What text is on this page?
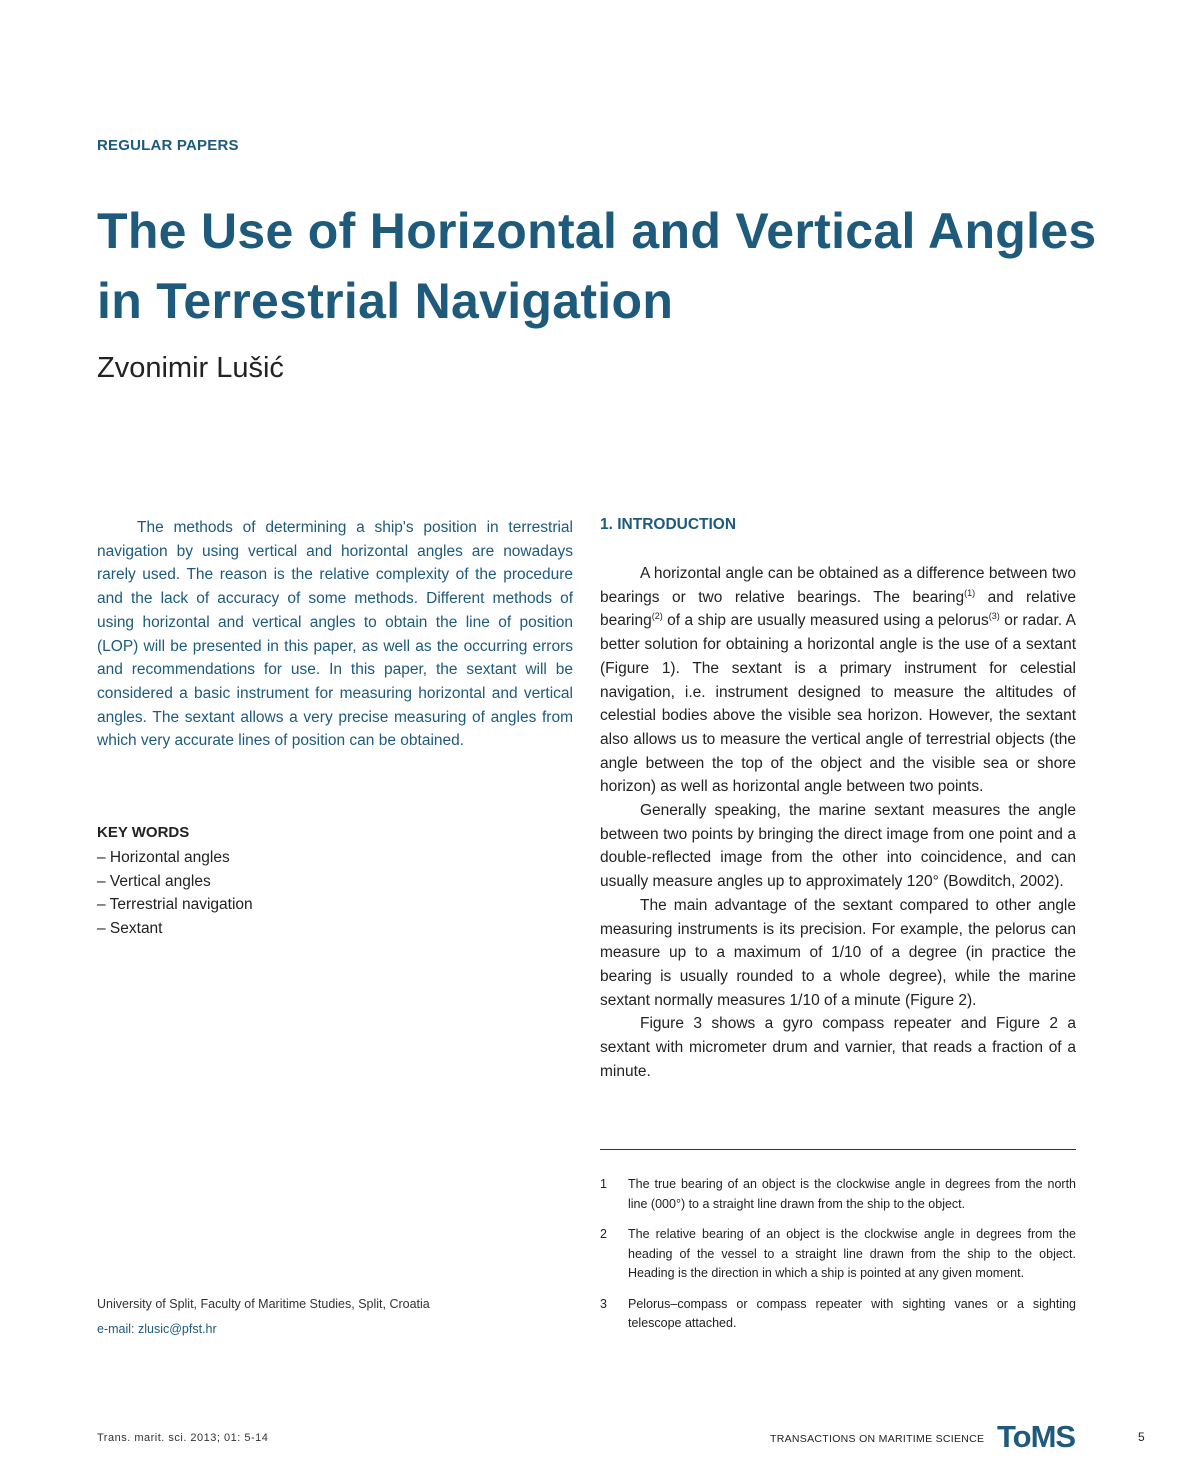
REGULAR PAPERS
The Use of Horizontal and Vertical Angles in Terrestrial Navigation
Zvonimir Lušić

The methods of determining a ship's position in terrestrial navigation by using vertical and horizontal angles are nowadays rarely used. The reason is the relative complexity of the procedure and the lack of accuracy of some methods. Different methods of using horizontal and vertical angles to obtain the line of position (LOP) will be presented in this paper, as well as the occurring errors and recommendations for use. In this paper, the sextant will be considered a basic instrument for measuring horizontal and vertical angles. The sextant allows a very precise measuring of angles from which very accurate lines of position can be obtained.

KEY WORDS
– Horizontal angles
– Vertical angles
– Terrestrial navigation
– Sextant
University of Split, Faculty of Maritime Studies, Split, Croatia
e-mail: zlusic@pfst.hr
1. INTRODUCTION

A horizontal angle can be obtained as a difference between two bearings or two relative bearings. The bearing$^{(1)}$ and relative bearing$^{(2)}$ of a ship are usually measured using a pelorus$^{(3)}$ or radar. A better solution for obtaining a horizontal angle is the use of a sextant (Figure 1). The sextant is a primary instrument for celestial navigation, i.e. instrument designed to measure the altitudes of celestial bodies above the visible sea horizon. However, the sextant also allows us to measure the vertical angle of terrestrial objects (the angle between the top of the object and the visible sea or shore horizon) as well as horizontal angle between two points.

Generally speaking, the marine sextant measures the angle between two points by bringing the direct image from one point and a double-reflected image from the other into coincidence, and can usually measure angles up to approximately 120° (Bowditch, 2002).

The main advantage of the sextant compared to other angle measuring instruments is its precision. For example, the pelorus can measure up to a maximum of 1/10 of a degree (in practice the bearing is usually rounded to a whole degree), while the marine sextant normally measures 1/10 of a minute (Figure 2).

Figure 3 shows a gyro compass repeater and Figure 2 a sextant with micrometer drum and varnier, that reads a fraction of a minute.

1	The true bearing of an object is the clockwise angle in degrees from the north line (000°) to a straight line drawn from the ship to the object.
2	The relative bearing of an object is the clockwise angle in degrees from the heading of the vessel to a straight line drawn from the ship to the object. Heading is the direction in which a ship is pointed at any given moment.
3	Pelorus–compass or compass repeater with sighting vanes or a sighting telescope attached.
Trans. marit. sci. 2013; 01: 5-14	TRANSACTIONS ON MARITIME SCIENCE ToMS	5
